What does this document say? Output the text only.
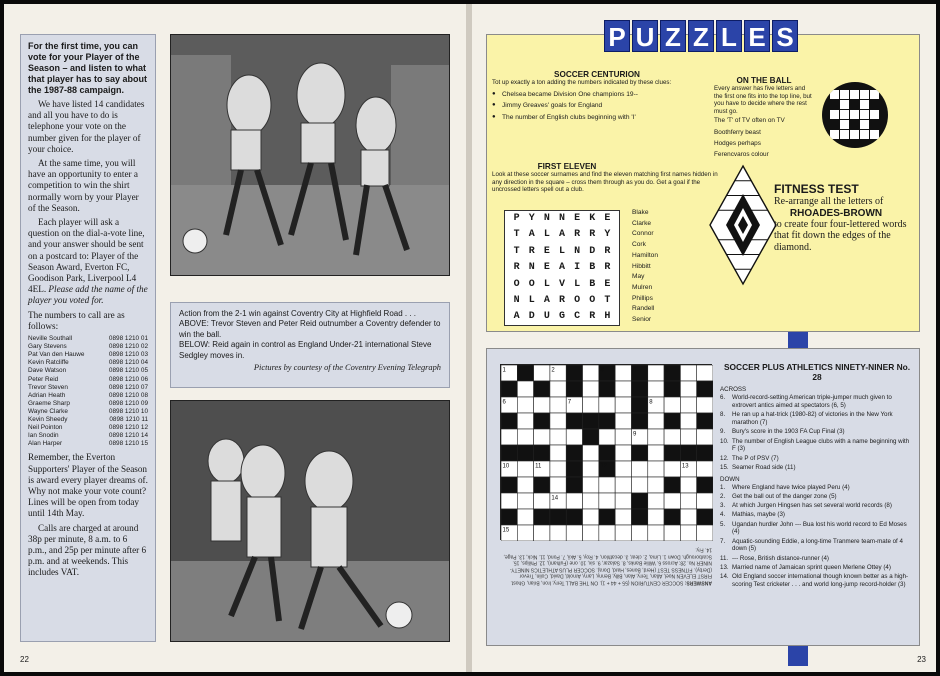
For the first time, you can vote for your Player of the Season – and listen to what that player has to say about the 1987-88 campaign.

We have listed 14 candidates and all you have to do is telephone your vote on the number given for the player of your choice.

At the same time, you will have an opportunity to enter a competition to win the shirt normally worn by your Player of the Season.

Each player will ask a question on the dial-a-vote line, and your answer should be sent on a postcard to: Player of the Season Award, Everton FC, Goodison Park, Liverpool L4 4EL. Please add the name of the player you voted for.

The numbers to call are as follows:

Neville Southall	0898 1210 01
Gary Stevens	0898 1210 02
Pat Van den Hauwe	0898 1210 03
Kevin Ratcliffe	0898 1210 04
Dave Watson	0898 1210 05
Peter Reid	0898 1210 06
Trevor Steven	0898 1210 07
Adrian Heath	0898 1210 08
Graeme Sharp	0898 1210 09
Wayne Clarke	0898 1210 10
Kevin Sheedy	0898 1210 11
Neil Pointon	0898 1210 12
Ian Snodin	0898 1210 14
Alan Harper	0898 1210 15

Remember, the Everton Supporters' Player of the Season is award every player dreams of. Why not make your vote count? Lines will be open from today until 14th May.

Calls are charged at around 38p per minute, 8 a.m. to 6 p.m., and 25p per minute after 6 p.m. and at weekends. This includes VAT.

Action from the 2-1 win against Coventry City at Highfield Road . . .
ABOVE: Trevor Steven and Peter Reid outnumber a Coventry defender to win the ball.
BELOW: Reid again in control as England Under-21 international Steve Sedgley moves in.
Pictures by courtesy of the Coventry Evening Telegraph
22
P U Z Z L E S
SOCCER CENTURION
Tot up exactly a ton adding the numbers indicated by these clues:
● Chelsea became Division One champions 19--
● Jimmy Greaves' goals for England
● The number of English clubs beginning with 'I'
ON THE BALL
Every answer has five letters and the first one fits into the top line, but you have to decide where the rest must go.
The 'T' of TV often on TV
Boothferry beast
Hodges perhaps
Ferencvaros colour
FIRST ELEVEN
Look at these soccer surnames and find the eleven matching first names hidden in any direction in the square – cross them through as you do. Get a goal if the uncrossed letters spell out a club.
P Y N N E K E
T A L A R R Y
T R E L N D R
R N E A I B R
O O L V L B E
N L A R O O T
A D U G C R H
Blake
Clarke
Connor
Cork
Hamilton
Hibbitt
May
Mulren
Phillips
Randell
Senior
FITNESS TEST
Re-arrange all the letters of
RHOADES-BROWN
to create four four-lettered words that fit down the edges of the diamond.
1	2	3	4	5
6	7	8
9
10	11	12	13
14
15
ANSWERS: SOCCER CENTURION (55 + 44 + 1). ON THE BALL Terry, Iron, Brian, Ghost. FIRST ELEVEN Noel, Allan, Terry, Alan, Billy, Benny, Larry, Arnold, David, Colin, Trevor (Derby). FITNESS TEST (Herd, Bones, Hard, Dora). SOCCER PLUS ATHLETICS NINETY-NINER No. 28: Across 6. Willie Banks, 8. Salazar, 9. six, 10. one (Fulham), 12. Philips, 15. Scarborough. Down 1. Lima, 2. clear, 3. decathlon, 4. Roy, 5. Akii, 7. Pond, 11. Nick, 13. Page, 14. Fry.
SOCCER PLUS ATHLETICS NINETY-NINER No. 28
ACROSS
6.	World-record-setting American triple-jumper much given to extrovert antics aimed at spectators (6, 5)
8.	He ran up a hat-trick (1980-82) of victories in the New York marathon (7)
9.	Bury's score in the 1903 FA Cup Final (3)
10. The number of English League clubs with a name beginning with F (3)
12. The P of PSV (7)
15. Seamer Road side (11)
DOWN
1.	Where England have twice played Peru (4)
2.	Get the ball out of the danger zone (5)
3.	At which Jurgen Hingsen has set several world records (8)
4.	Mathias, maybe (3)
5.	Ugandan hurdler John --- Bua lost his world record to Ed Moses (4)
7.	Aquatic-sounding Eddie, a long-time Tranmere team-mate of 4 down (5)
11. --- Rose, British distance-runner (4)
13. Married name of Jamaican sprint queen Merlene Ottey (4)
14. Old England soccer international though known better as a high-scoring Test cricketer . . . and world long-jump record-holder (3)
23
